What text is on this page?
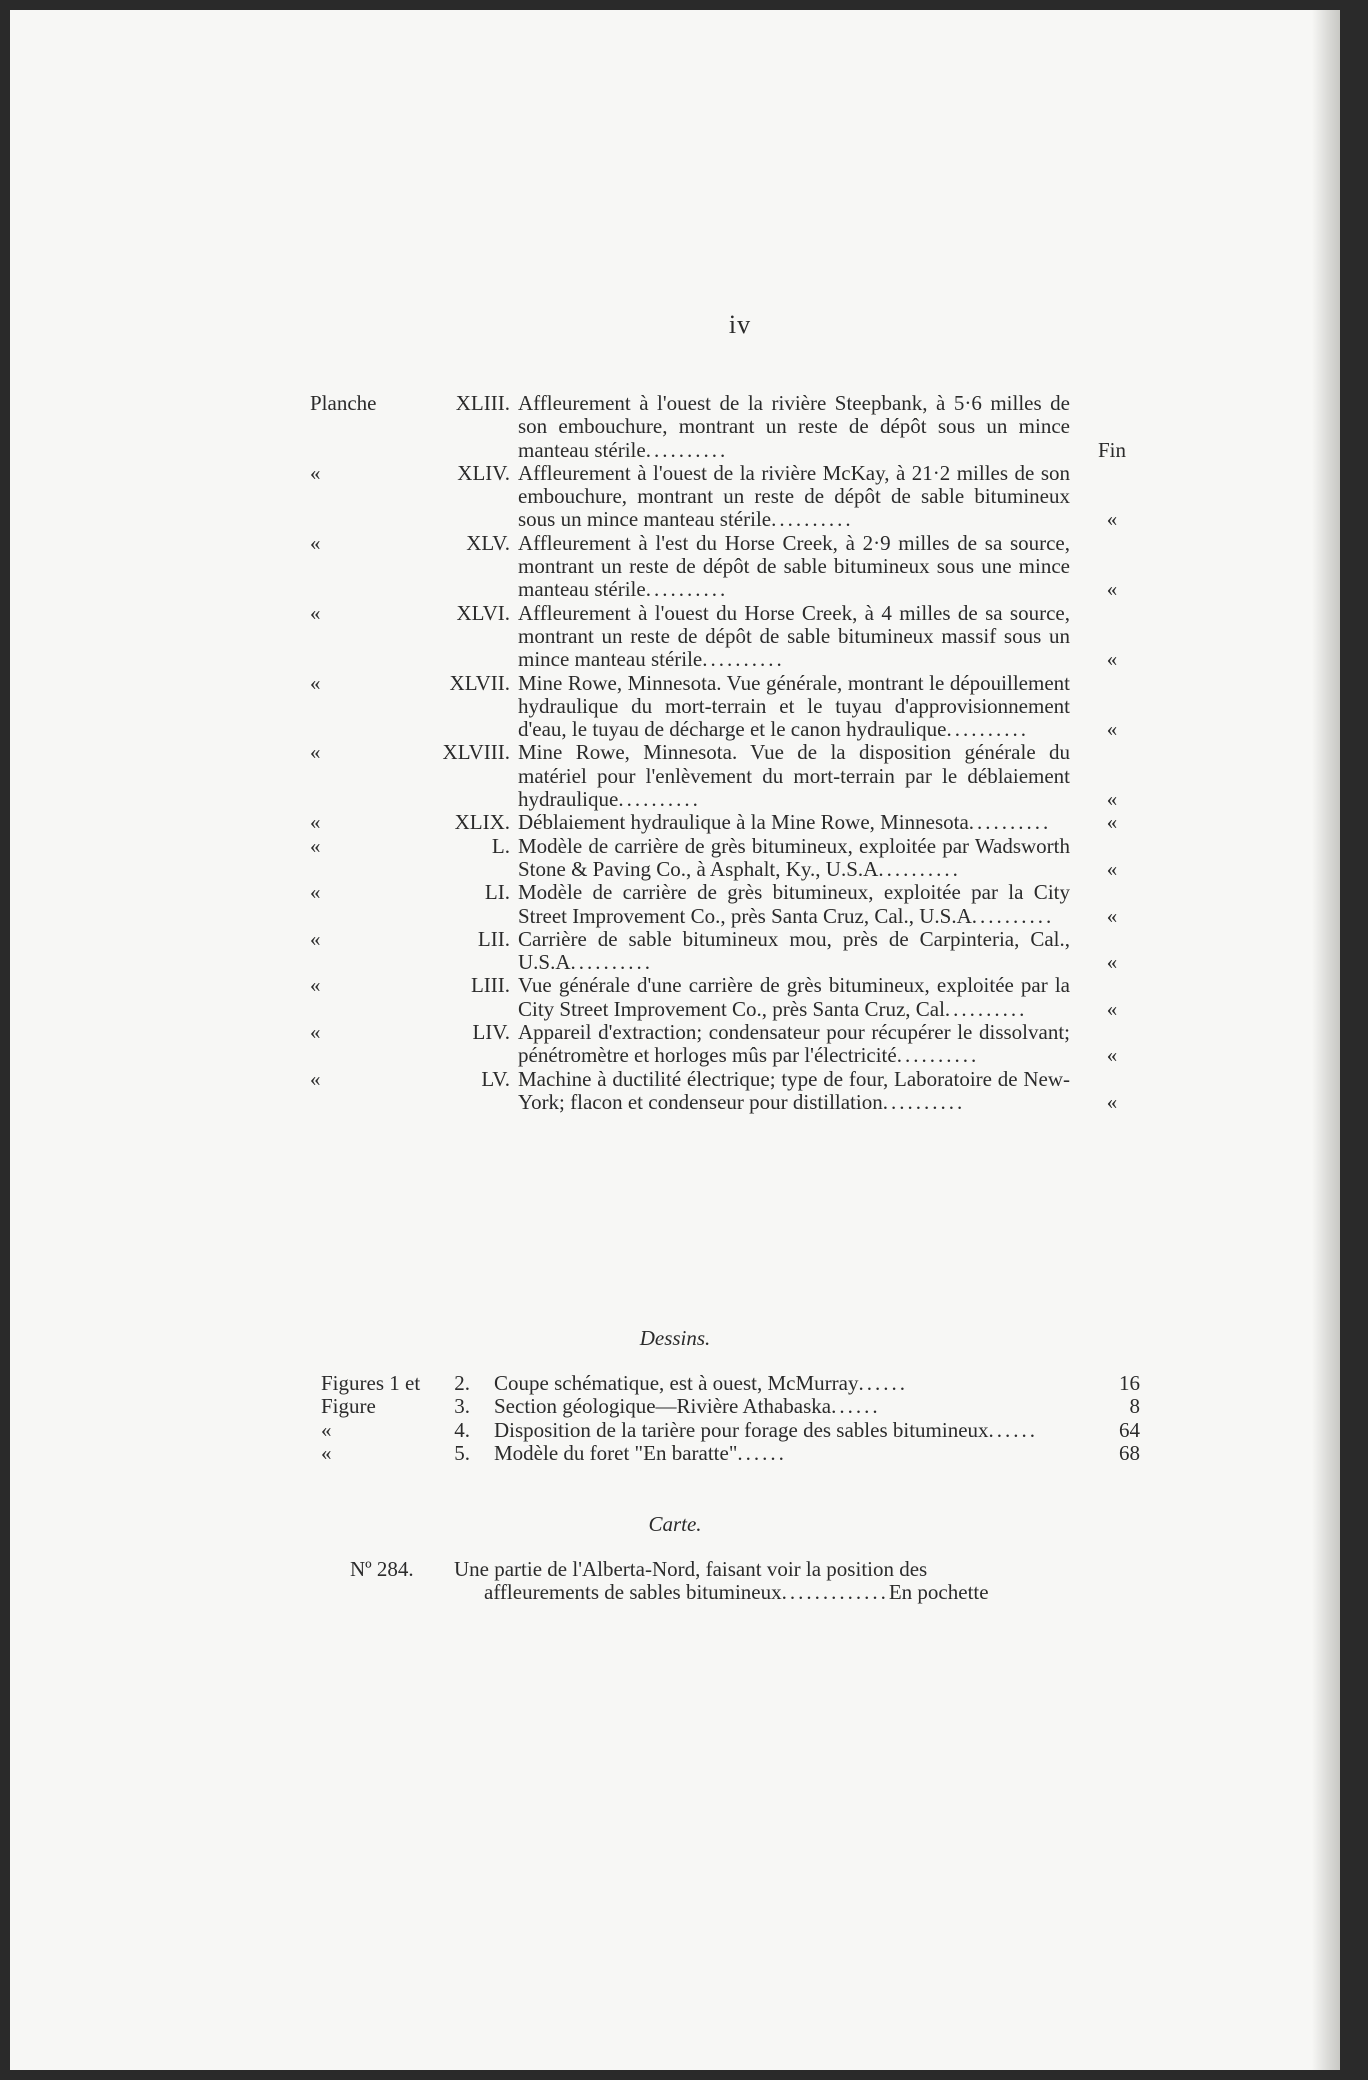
iv
Planche	XLIII. Affleurement à l'ouest de la rivière Steepbank, à 5·6 milles de son embouchure, montrant un reste de dépôt sous un mince manteau stérile..........	Fin
«	XLIV. Affleurement à l'ouest de la rivière McKay, à 21·2 milles de son embouchure, montrant un reste de dépôt de sable bitumineux sous un mince manteau stérile..........	«
«	XLV. Affleurement à l'est du Horse Creek, à 2·9 milles de sa source, montrant un reste de dépôt de sable bitumineux sous une mince manteau stérile..........	«
«	XLVI. Affleurement à l'ouest du Horse Creek, à 4 milles de sa source, montrant un reste de dépôt de sable bitumineux massif sous un mince manteau stérile..........	«
«	XLVII. Mine Rowe, Minnesota. Vue générale, montrant le dépouillement hydraulique du mort-terrain et le tuyau d'approvisionnement d'eau, le tuyau de décharge et le canon hydraulique..........	«
«	XLVIII. Mine Rowe, Minnesota. Vue de la disposition générale du matériel pour l'enlèvement du mort-terrain par le déblaiement hydraulique..........	«
«	XLIX. Déblaiement hydraulique à la Mine Rowe, Minnesota..........	«
«	L. Modèle de carrière de grès bitumineux, exploitée par Wadsworth Stone & Paving Co., à Asphalt, Ky., U.S.A..........	«
«	LI. Modèle de carrière de grès bitumineux, exploitée par la City Street Improvement Co., près Santa Cruz, Cal., U.S.A..........	«
«	LII. Carrière de sable bitumineux mou, près de Carpinteria, Cal., U.S.A..........	«
«	LIII. Vue générale d'une carrière de grès bitumineux, exploitée par la City Street Improvement Co., près Santa Cruz, Cal..........	«
«	LIV. Appareil d'extraction; condensateur pour récupérer le dissolvant; pénétromètre et horloges mûs par l'électricité..........	«
«	LV. Machine à ductilité électrique; type de four, Laboratoire de New-York; flacon et condenseur pour distillation..........	«
Dessins.
Figures 1 et	2. Coupe schématique, est à ouest, McMurray......	16
Figure	3. Section géologique—Rivière Athabaska......	8
«	4. Disposition de la tarière pour forage des sables bitumineux......	64
«	5. Modèle du foret "En baratte"......	68
Carte.
Nº 284.	Une partie de l'Alberta-Nord, faisant voir la position des
affleurements de sables bitumineux.............En pochette
